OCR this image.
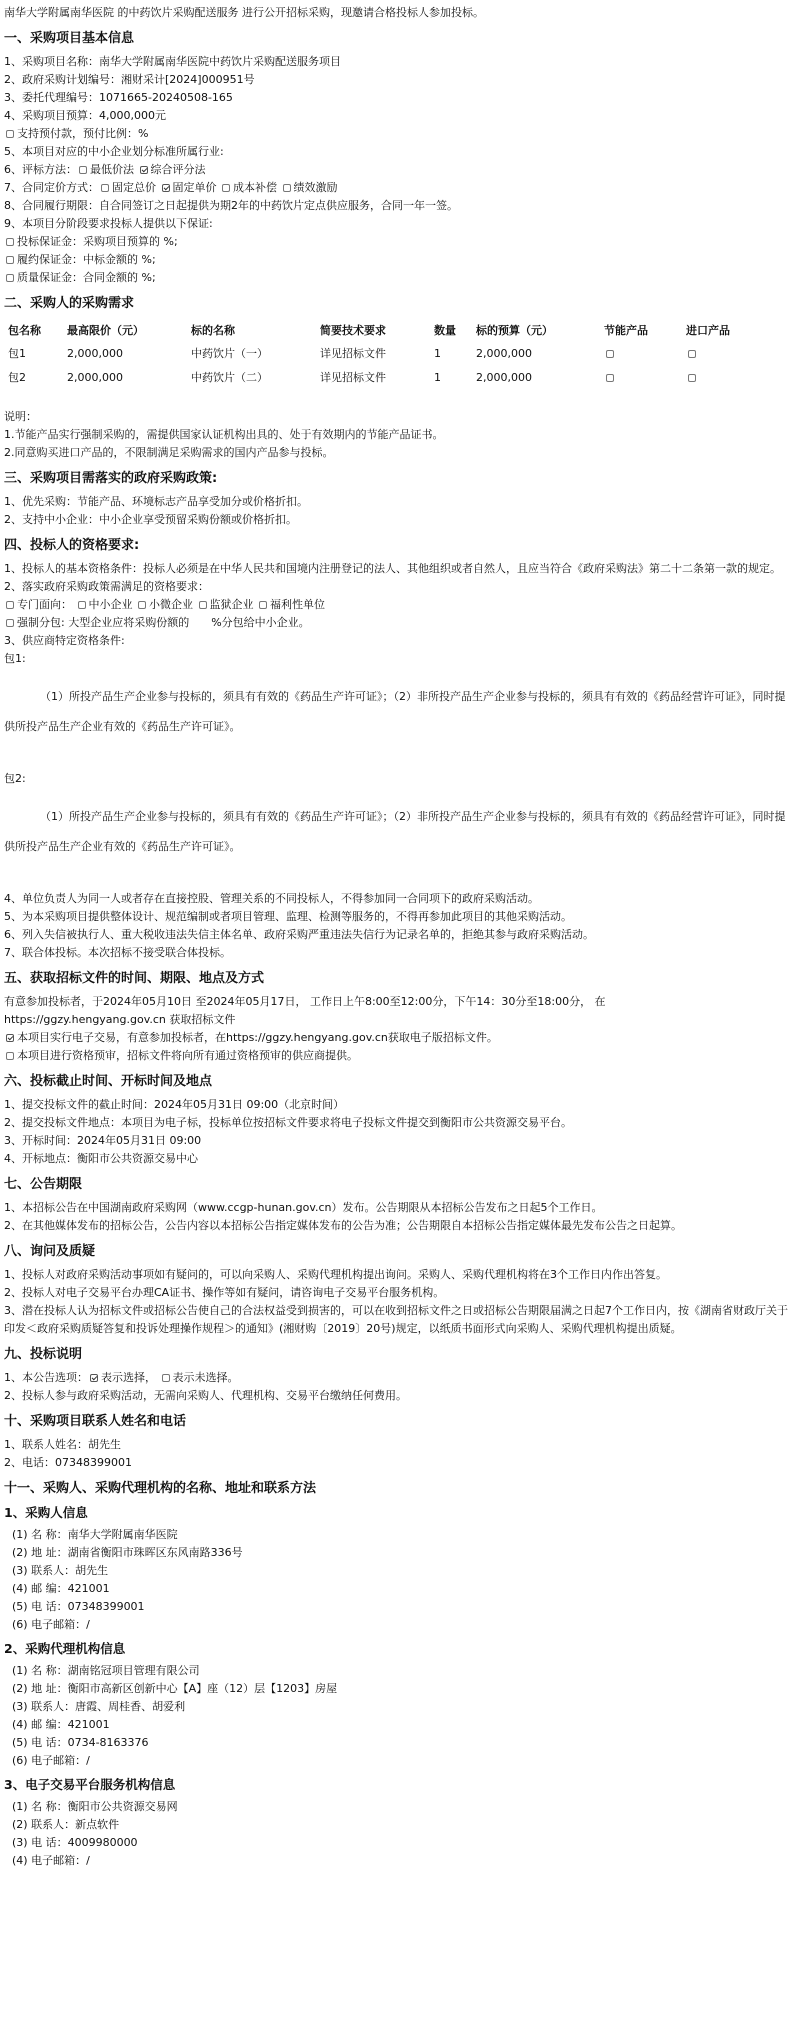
南华大学附属南华医院 的中药饮片采购配送服务 进行公开招标采购，现邀请合格投标人参加投标。

一、采购项目基本信息

1、采购项目名称：南华大学附属南华医院中药饮片采购配送服务项目

2、政府采购计划编号：湘财采计[2024]000951号

3、委托代理编号：1071665-20240508-165

4、采购项目预算：4,000,000元

支持预付款，预付比例：%

5、本项目对应的中小企业划分标准所属行业:

6、评标方法： 最低价法 综合评分法

7、合同定价方式： 固定总价 固定单价 成本补偿 绩效激励

8、合同履行期限：自合同签订之日起提供为期2年的中药饮片定点供应服务，合同一年一签。

9、本项目分阶段要求投标人提供以下保证:

投标保证金：采购项目预算的 %;

履约保证金：中标金额的 %;

质量保证金：合同金额的 %;

二、采购人的采购需求
包名称	最高限价（元）	标的名称	简要技术要求	数量	标的预算（元）	节能产品	进口产品
包1	2,000,000	中药饮片（一）	详见招标文件	1	2,000,000		
包2	2,000,000	中药饮片（二）	详见招标文件	1	2,000,000		

说明：

1.节能产品实行强制采购的，需提供国家认证机构出具的、处于有效期内的节能产品证书。

2.同意购买进口产品的，不限制满足采购需求的国内产品参与投标。

三、采购项目需落实的政府采购政策:

1、优先采购：节能产品、环境标志产品享受加分或价格折扣。

2、支持中小企业：中小企业享受预留采购份额或价格折扣。

四、投标人的资格要求:

1、投标人的基本资格条件：投标人必须是在中华人民共和国境内注册登记的法人、其他组织或者自然人，且应当符合《政府采购法》第二十二条第一款的规定。

2、落实政府采购政策需满足的资格要求：

专门面向： 中小企业 小微企业 监狱企业 福利性单位

强制分包: 大型企业应将采购份额的　　%分包给中小企业。

3、供应商特定资格条件:

包1:

（1）所投产品生产企业参与投标的，须具有有效的《药品生产许可证》；（2）非所投产品生产企业参与投标的，须具有有效的《药品经营许可证》，同时提供所投产品生产企业有效的《药品生产许可证》。

包2:

（1）所投产品生产企业参与投标的，须具有有效的《药品生产许可证》；（2）非所投产品生产企业参与投标的，须具有有效的《药品经营许可证》，同时提供所投产品生产企业有效的《药品生产许可证》。

4、单位负责人为同一人或者存在直接控股、管理关系的不同投标人，不得参加同一合同项下的政府采购活动。

5、为本采购项目提供整体设计、规范编制或者项目管理、监理、检测等服务的，不得再参加此项目的其他采购活动。

6、列入失信被执行人、重大税收违法失信主体名单、政府采购严重违法失信行为记录名单的，拒绝其参与政府采购活动。

7、联合体投标。本次招标不接受联合体投标。

五、获取招标文件的时间、期限、地点及方式

有意参加投标者，于2024年05月10日 至2024年05月17日， 工作日上午8:00至12:00分，下午14：30分至18:00分， 在

https://ggzy.hengyang.gov.cn 获取招标文件

本项目实行电子交易，有意参加投标者，在https://ggzy.hengyang.gov.cn获取电子版招标文件。

本项目进行资格预审，招标文件将向所有通过资格预审的供应商提供。

六、投标截止时间、开标时间及地点

1、提交投标文件的截止时间：2024年05月31日 09:00（北京时间）

2、提交投标文件地点：本项目为电子标，投标单位按招标文件要求将电子投标文件提交到衡阳市公共资源交易平台。

3、开标时间：2024年05月31日 09:00

4、开标地点：衡阳市公共资源交易中心

七、公告期限

1、本招标公告在中国湖南政府采购网（www.ccgp-hunan.gov.cn）发布。公告期限从本招标公告发布之日起5个工作日。

2、在其他媒体发布的招标公告，公告内容以本招标公告指定媒体发布的公告为准；公告期限自本招标公告指定媒体最先发布公告之日起算。

八、询问及质疑

1、投标人对政府采购活动事项如有疑问的，可以向采购人、采购代理机构提出询问。采购人、采购代理机构将在3个工作日内作出答复。

2、投标人对电子交易平台办理CA证书、操作等如有疑问，请咨询电子交易平台服务机构。

3、潜在投标人认为招标文件或招标公告使自己的合法权益受到损害的，可以在收到招标文件之日或招标公告期限届满之日起7个工作日内，按《湖南省财政厅关于印发＜政府采购质疑答复和投诉处理操作规程＞的通知》(湘财购〔2019〕20号)规定，以纸质书面形式向采购人、采购代理机构提出质疑。

九、投标说明

1、本公告选项： 表示选择， 表示未选择。

2、投标人参与政府采购活动，无需向采购人、代理机构、交易平台缴纳任何费用。

十、采购项目联系人姓名和电话

1、联系人姓名：胡先生

2、电话：07348399001

十一、采购人、采购代理机构的名称、地址和联系方法
1、采购人信息

(1) 名 称：南华大学附属南华医院

(2) 地 址：湖南省衡阳市珠晖区东风南路336号

(3) 联系人：胡先生

(4) 邮 编：421001

(5) 电 话：07348399001

(6) 电子邮箱：/

2、采购代理机构信息

(1) 名 称：湖南铭冠项目管理有限公司

(2) 地 址：衡阳市高新区创新中心【A】座（12）层【1203】房屋

(3) 联系人：唐霞、周桂香、胡爱利

(4) 邮 编：421001

(5) 电 话：0734-8163376

(6) 电子邮箱：/

3、电子交易平台服务机构信息

(1) 名 称：衡阳市公共资源交易网

(2) 联系人：新点软件

(3) 电 话：4009980000

(4) 电子邮箱：/
